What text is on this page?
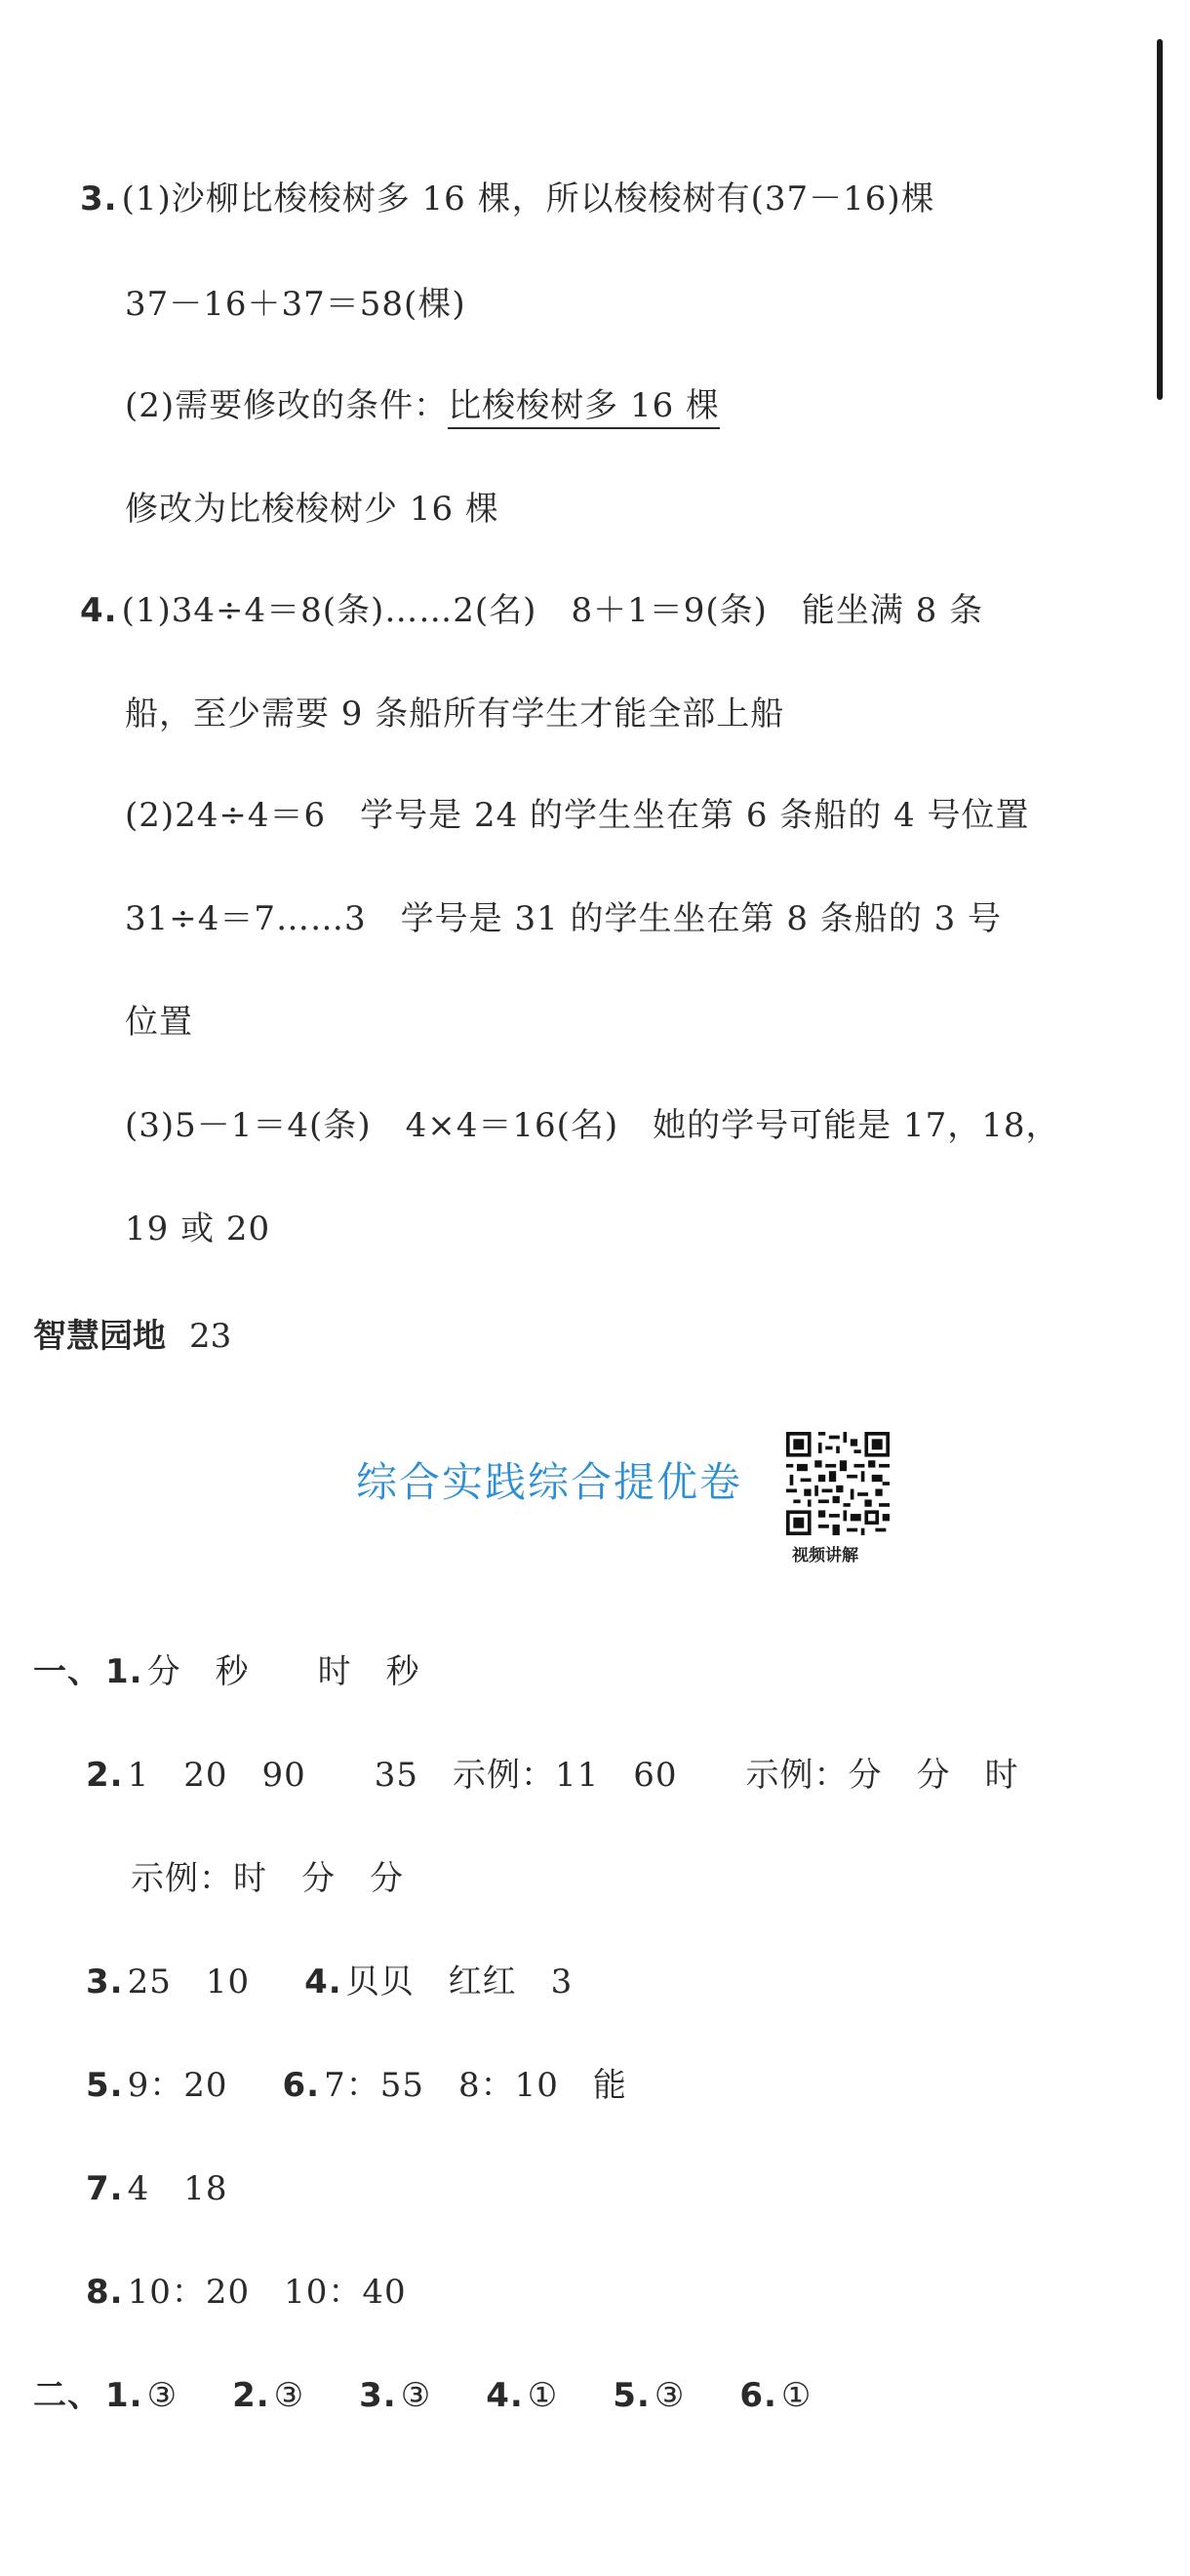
3. (1)沙柳比梭梭树多 16 棵，所以梭梭树有(37－16)棵
37－16＋37＝58(棵)
(2)需要修改的条件：比梭梭树多 16 棵
修改为比梭梭树少 16 棵
4. (1)34÷4＝8(条)……2(名)　8＋1＝9(条)　能坐满 8 条
船，至少需要 9 条船所有学生才能全部上船
(2)24÷4＝6　学号是 24 的学生坐在第 6 条船的 4 号位置
31÷4＝7……3　学号是 31 的学生坐在第 8 条船的 3 号
位置
(3)5－1＝4(条)　4×4＝16(名)　她的学号可能是 17，18，
19 或 20
智慧园地 23
综合实践综合提优卷
视频讲解
一、 1. 分　秒　　时　秒
2. 1　20　90　　35　示例：11　60　　示例：分　分　时
示例：时　分　分
3. 25　10 4. 贝贝　红红　3
5. 9：20 6. 7：55　8：10　能
7. 4　18
8. 10：20　10：40
二、 1. ③ 2. ③ 3. ③ 4. ① 5. ③ 6. ①
